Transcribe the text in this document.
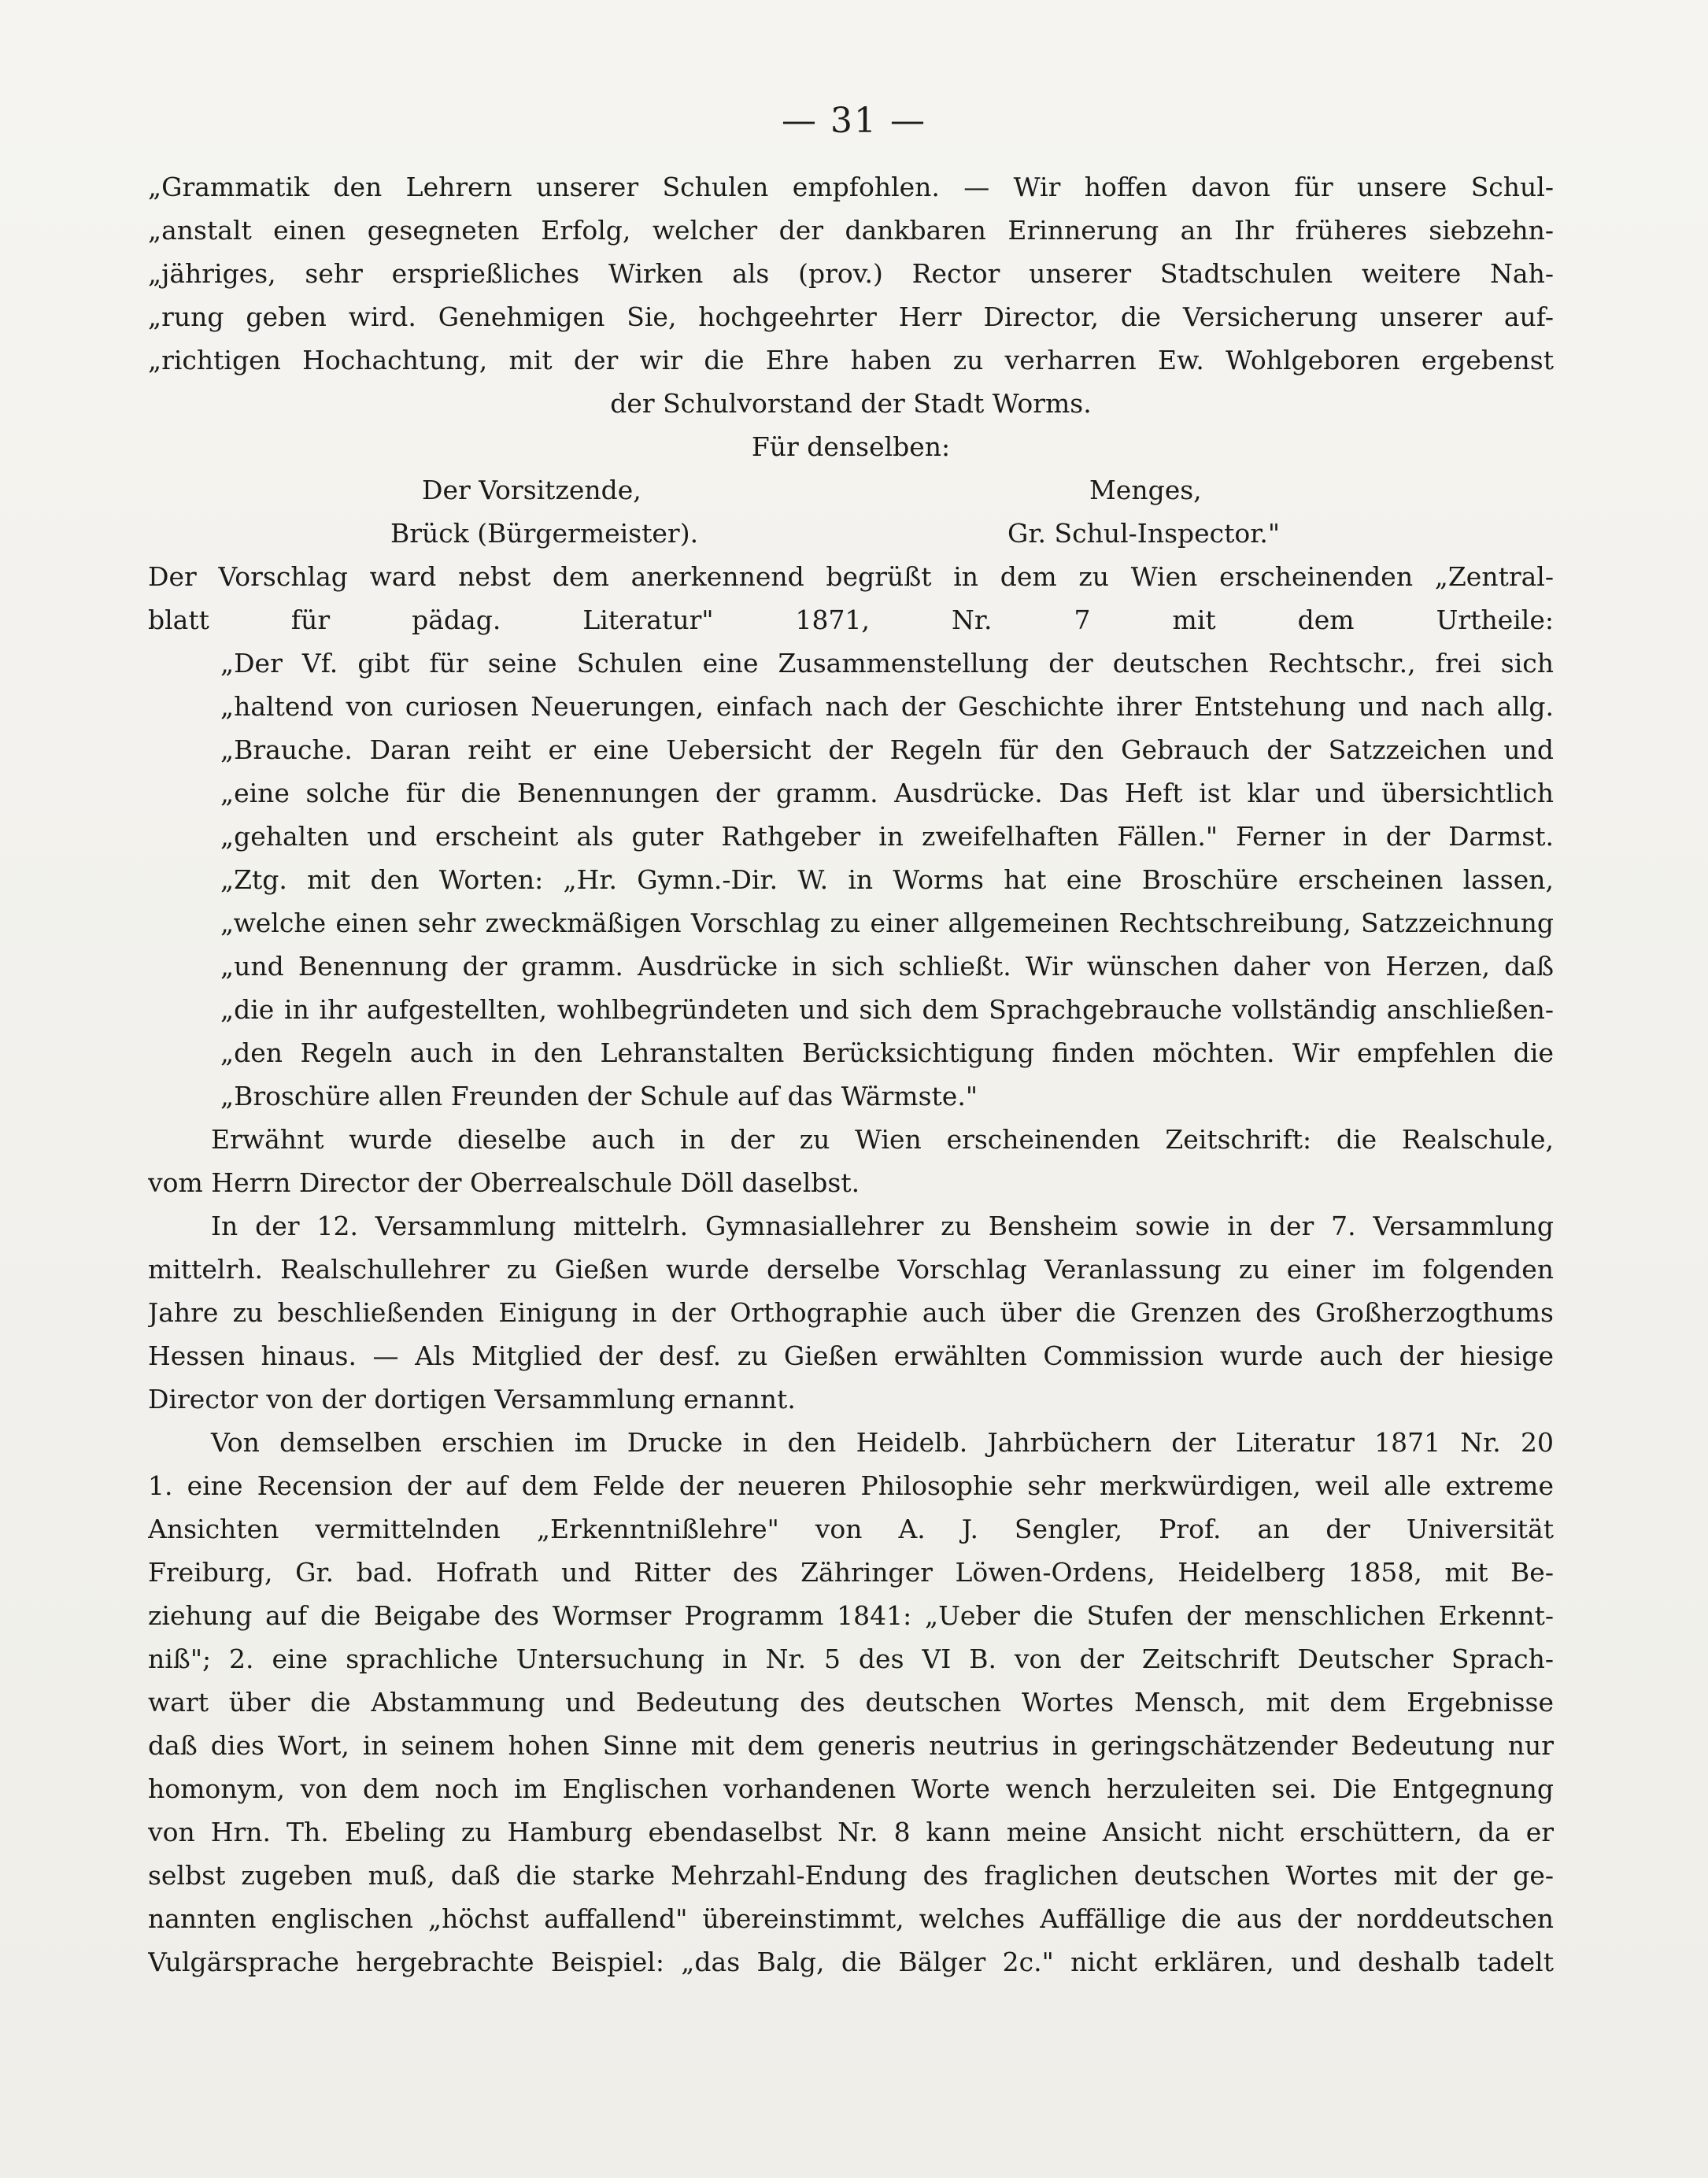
— 31 —
„Grammatik den Lehrern unserer Schulen empfohlen. — Wir hoffen davon für unsere Schul-
„anstalt einen gesegneten Erfolg, welcher der dankbaren Erinnerung an Ihr früheres siebzehn-
„jähriges, sehr ersprießliches Wirken als (prov.) Rector unserer Stadtschulen weitere Nah-
„rung geben wird. Genehmigen Sie, hochgeehrter Herr Director, die Versicherung unserer auf-
„richtigen Hochachtung, mit der wir die Ehre haben zu verharren Ew. Wohlgeboren ergebenst
der Schulvorstand der Stadt Worms.
Für denselben:
Der Vorsitzende,	Menges,
Brück (Bürgermeister).	Gr. Schul-Inspector."
Der Vorschlag ward nebst dem anerkennend begrüßt in dem zu Wien erscheinenden „Zentral-
blatt für pädag. Literatur" 1871, Nr. 7 mit dem Urtheile:
„Der Vf. gibt für seine Schulen eine Zusammenstellung der deutschen Rechtschr., frei sich
„haltend von curiosen Neuerungen, einfach nach der Geschichte ihrer Entstehung und nach allg.
„Brauche. Daran reiht er eine Uebersicht der Regeln für den Gebrauch der Satzzeichen und
„eine solche für die Benennungen der gramm. Ausdrücke. Das Heft ist klar und übersichtlich
„gehalten und erscheint als guter Rathgeber in zweifelhaften Fällen." Ferner in der Darmst.
„Ztg. mit den Worten: „Hr. Gymn.-Dir. W. in Worms hat eine Broschüre erscheinen lassen,
„welche einen sehr zweckmäßigen Vorschlag zu einer allgemeinen Rechtschreibung, Satzzeichnung
„und Benennung der gramm. Ausdrücke in sich schließt. Wir wünschen daher von Herzen, daß
„die in ihr aufgestellten, wohlbegründeten und sich dem Sprachgebrauche vollständig anschließen-
„den Regeln auch in den Lehranstalten Berücksichtigung finden möchten. Wir empfehlen die
„Broschüre allen Freunden der Schule auf das Wärmste."
Erwähnt wurde dieselbe auch in der zu Wien erscheinenden Zeitschrift: die Realschule,
vom Herrn Director der Oberrealschule Döll daselbst.
In der 12. Versammlung mittelrh. Gymnasiallehrer zu Bensheim sowie in der 7. Versammlung
mittelrh. Realschullehrer zu Gießen wurde derselbe Vorschlag Veranlassung zu einer im folgenden
Jahre zu beschließenden Einigung in der Orthographie auch über die Grenzen des Großherzogthums
Hessen hinaus. — Als Mitglied der desf. zu Gießen erwählten Commission wurde auch der hiesige
Director von der dortigen Versammlung ernannt.
Von demselben erschien im Drucke in den Heidelb. Jahrbüchern der Literatur 1871 Nr. 20
1. eine Recension der auf dem Felde der neueren Philosophie sehr merkwürdigen, weil alle extreme
Ansichten vermittelnden „Erkenntnißlehre" von A. J. Sengler, Prof. an der Universität
Freiburg, Gr. bad. Hofrath und Ritter des Zähringer Löwen-Ordens, Heidelberg 1858, mit Be-
ziehung auf die Beigabe des Wormser Programm 1841: „Ueber die Stufen der menschlichen Erkennt-
niß"; 2. eine sprachliche Untersuchung in Nr. 5 des VI B. von der Zeitschrift Deutscher Sprach-
wart über die Abstammung und Bedeutung des deutschen Wortes Mensch, mit dem Ergebnisse
daß dies Wort, in seinem hohen Sinne mit dem generis neutrius in geringschätzender Bedeutung nur
homonym, von dem noch im Englischen vorhandenen Worte wench herzuleiten sei. Die Entgegnung
von Hrn. Th. Ebeling zu Hamburg ebendaselbst Nr. 8 kann meine Ansicht nicht erschüttern, da er
selbst zugeben muß, daß die starke Mehrzahl-Endung des fraglichen deutschen Wortes mit der ge-
nannten englischen „höchst auffallend" übereinstimmt, welches Auffällige die aus der norddeutschen
Vulgärsprache hergebrachte Beispiel: „das Balg, die Bälger 2c." nicht erklären, und deshalb tadelt
